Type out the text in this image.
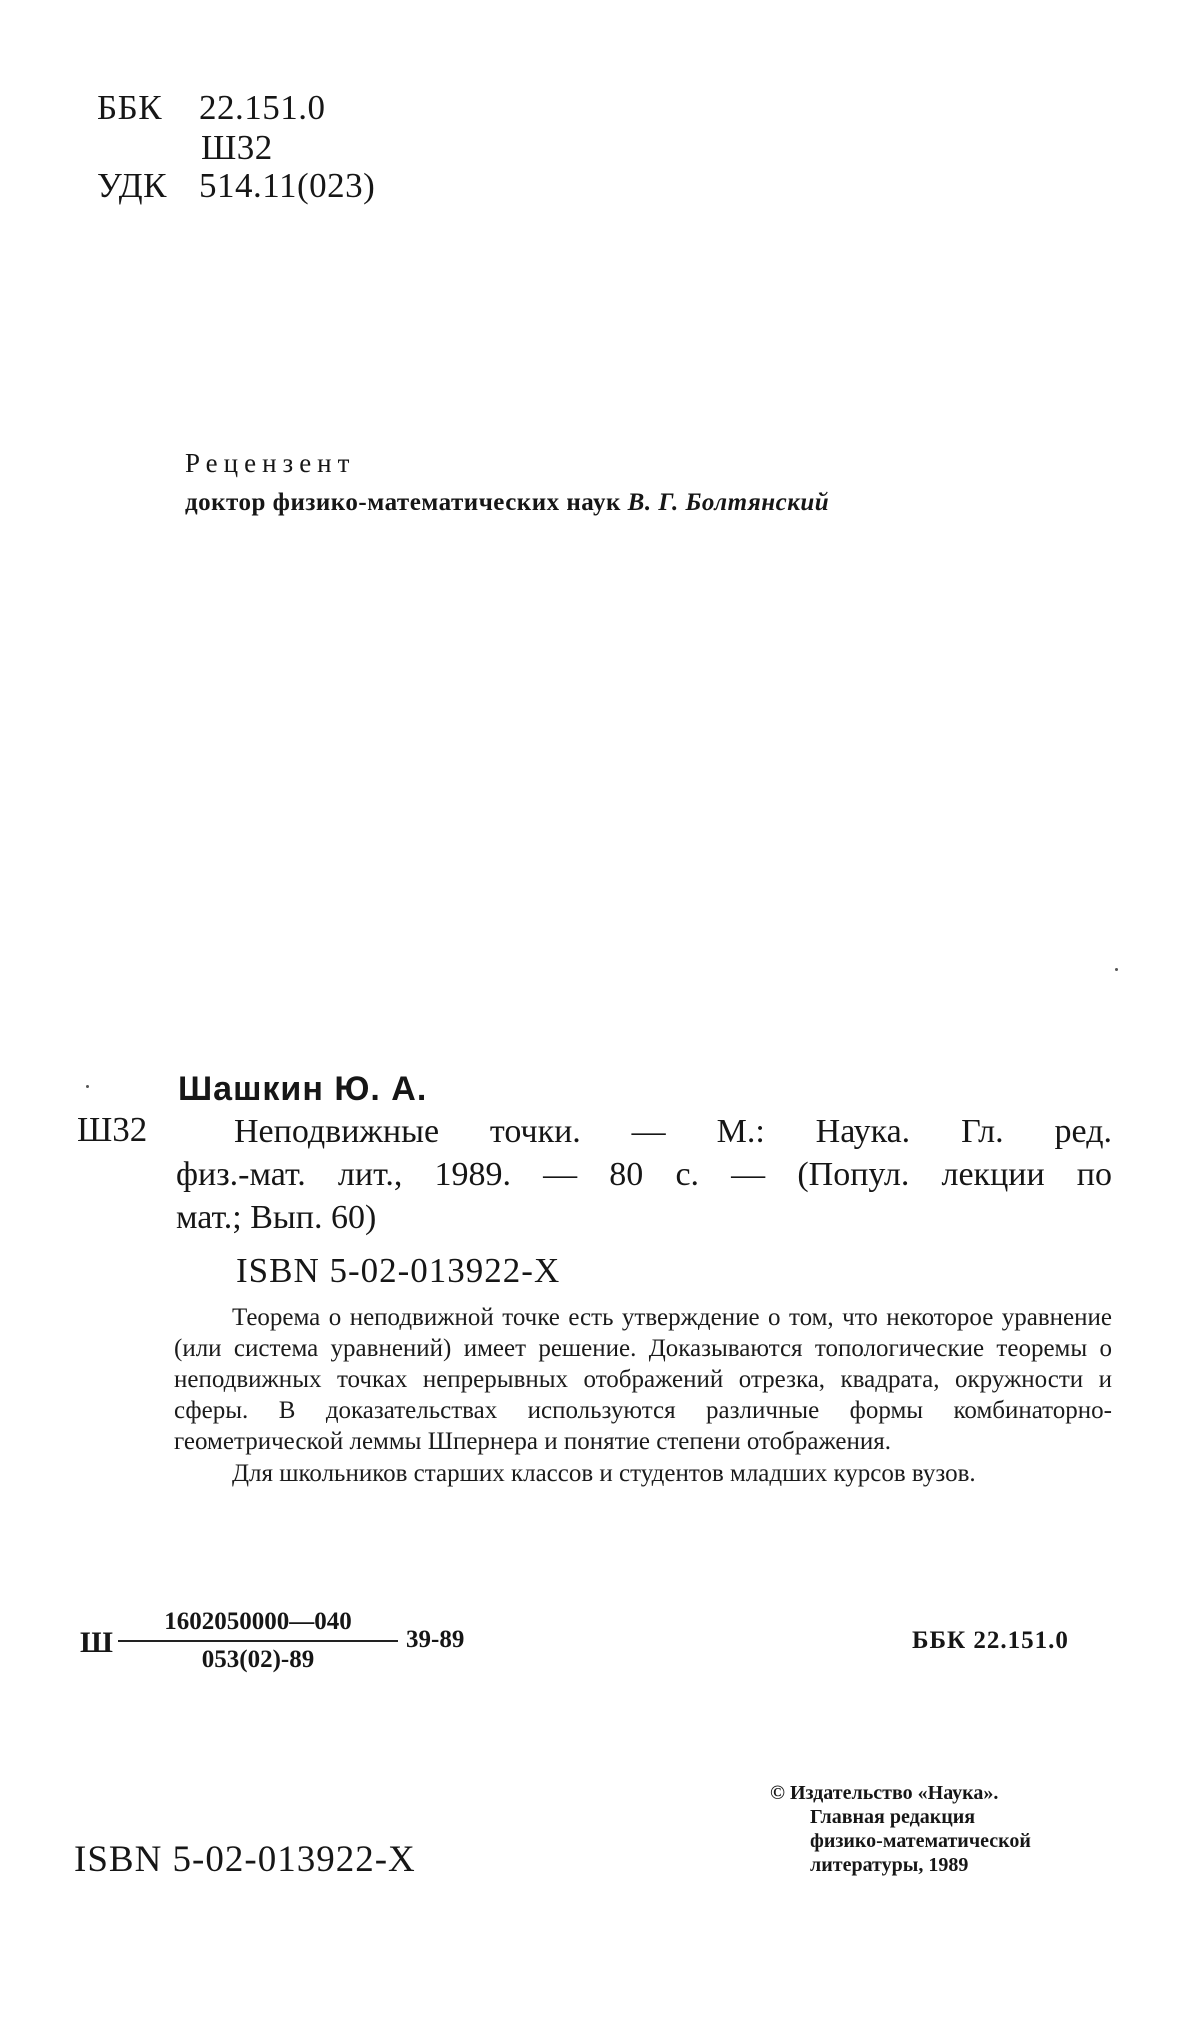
ББК 22.151.0
Ш32
УДК 514.11(023)
Рецензент
доктор физико-математических наук В. Г. Болтянский
Шашкин Ю. А.
Ш32	Неподвижные точки. — М.: Наука. Гл. ред.
физ.-мат. лит., 1989. — 80 с. — (Попул. лекции по
мат.; Вып. 60)
ISBN 5-02-013922-X

Теорема о неподвижной точке есть утверждение о том, что некоторое уравнение (или система уравнений) имеет решение. Доказываются топологические теоремы о неподвижных точках непрерывных отображений отрезка, квадрата, окружности и сферы. В доказательствах используются различные формы комбинаторно-геометрической леммы Шпернера и понятие степени отображения.

Для школьников старших классов и студентов младших курсов вузов.

Ш $\frac{1602050000—040}{053(02)-89} 39-89$	ББК 22.151.0
ISBN 5-02-013922-X
© Издательство «Наука».
Главная редакция
физико-математической
литературы, 1989
